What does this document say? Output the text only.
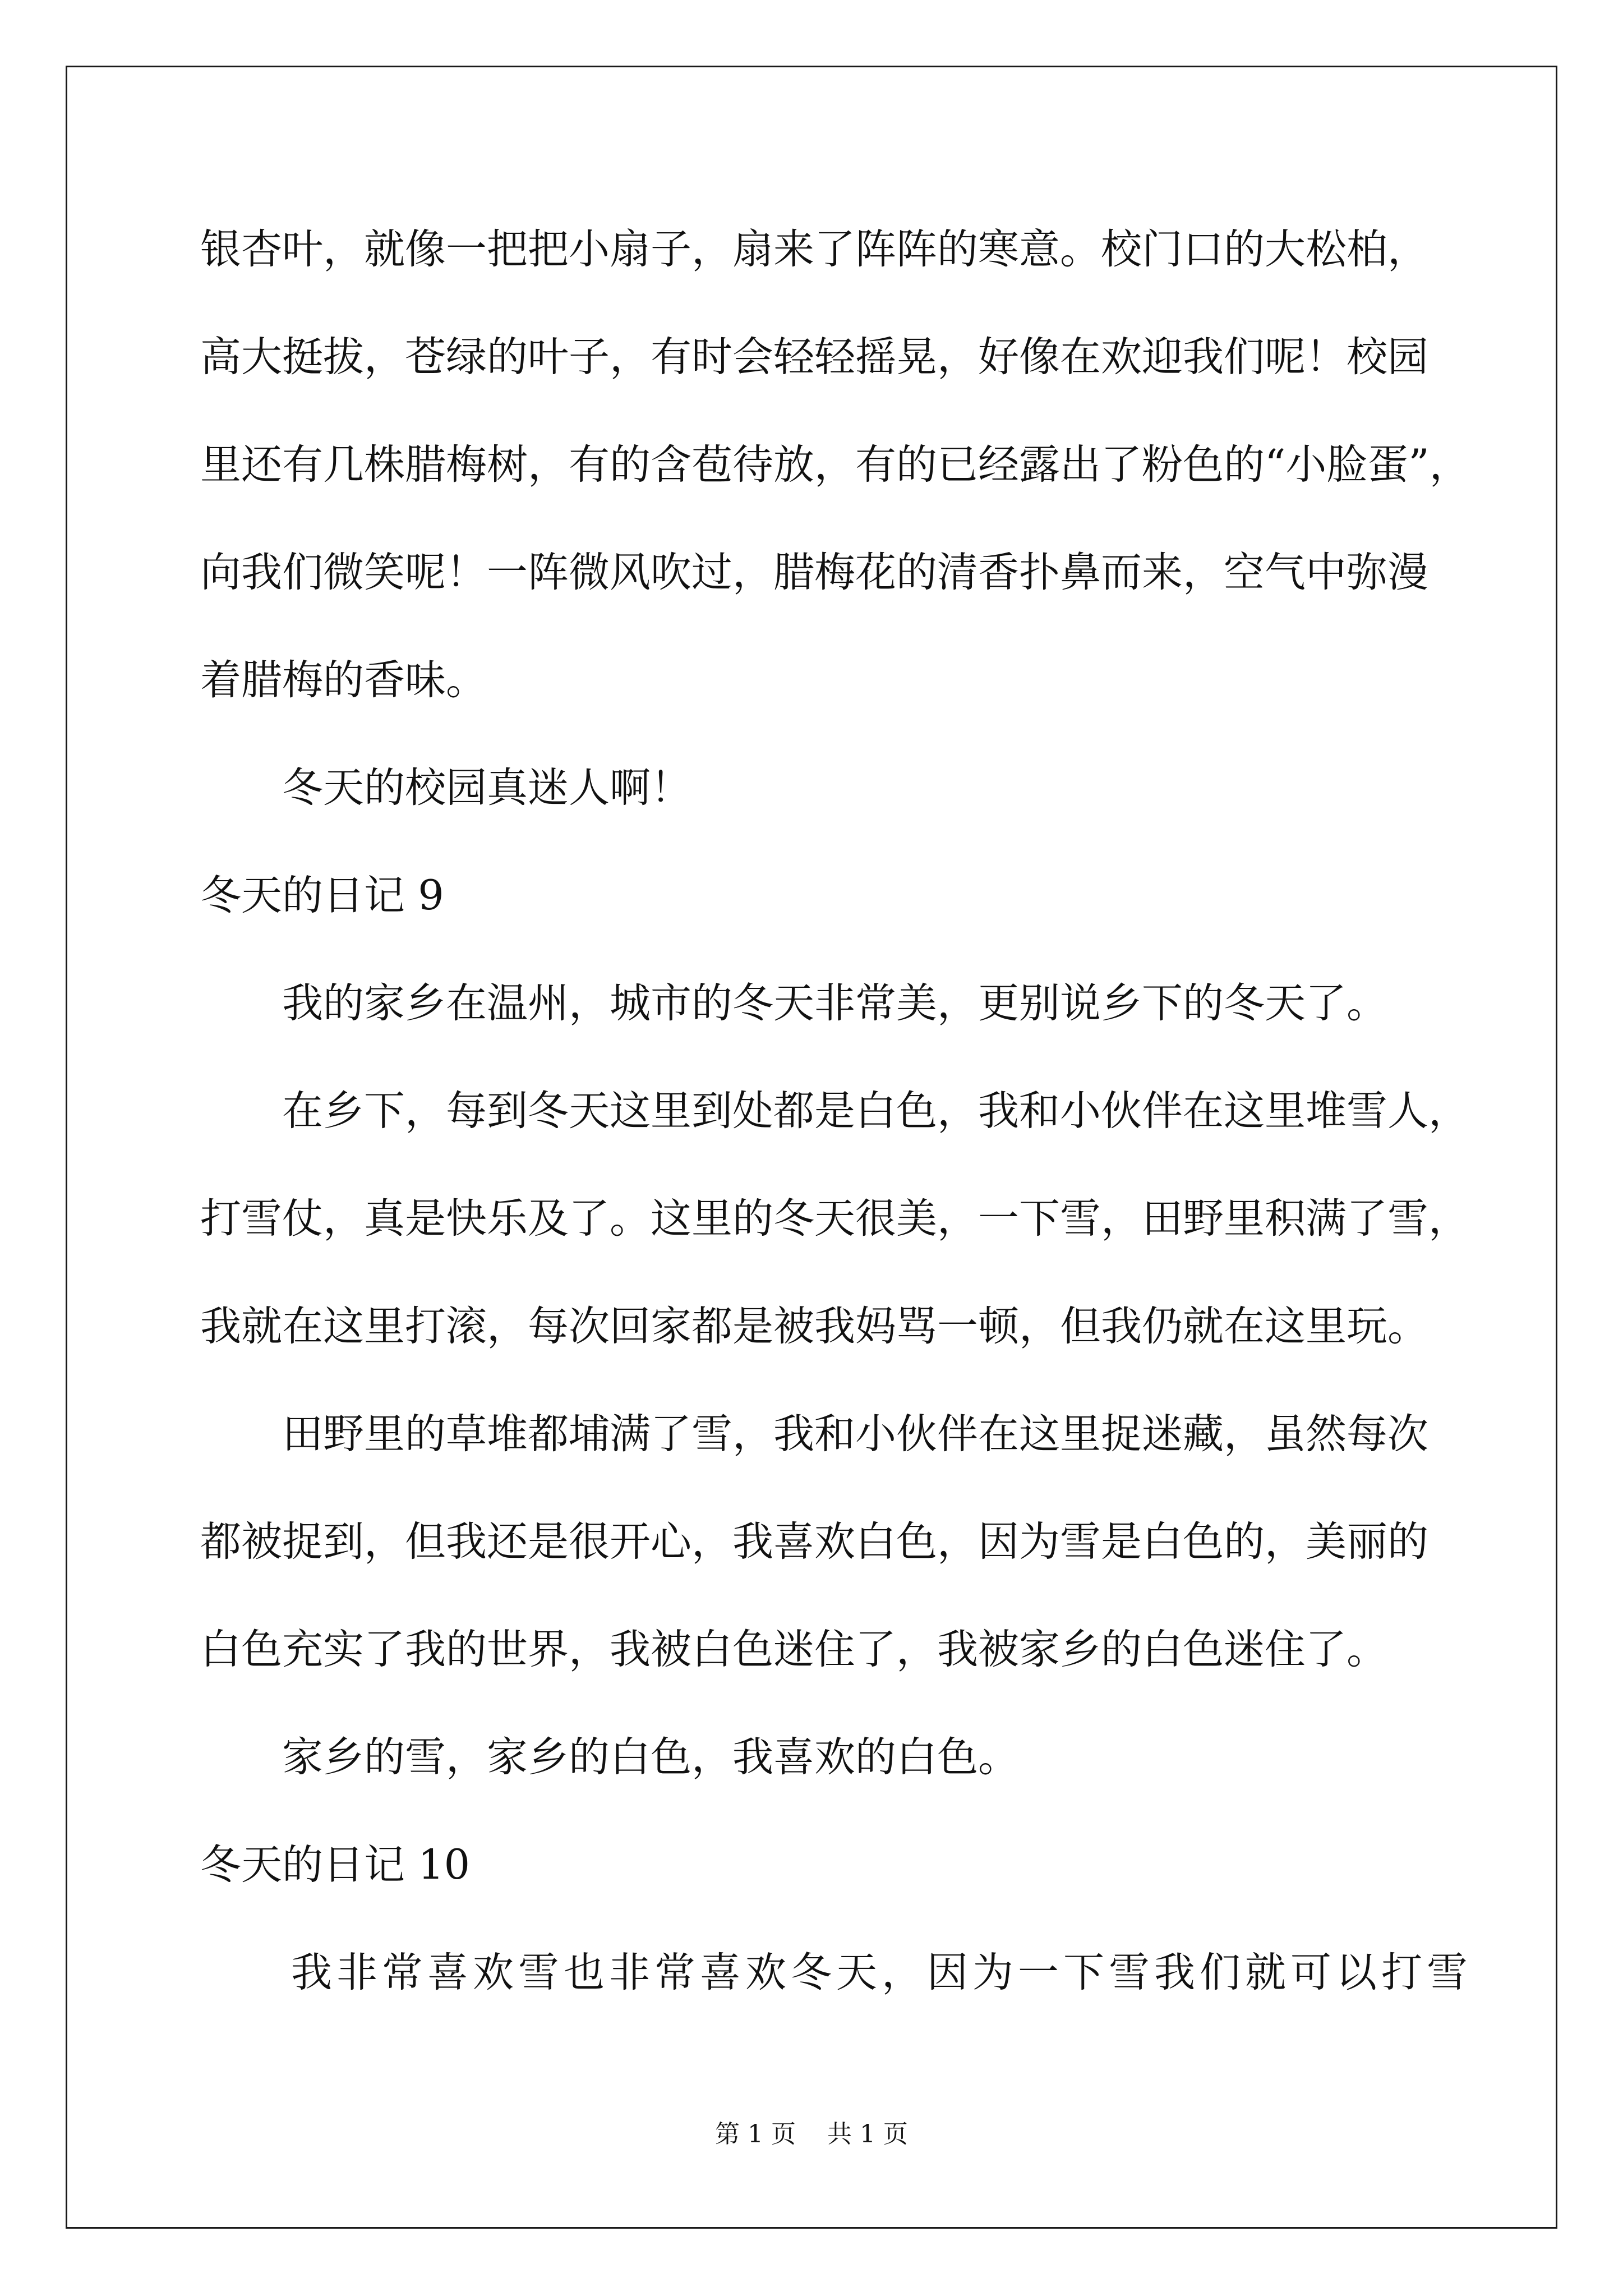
银杏叶，就像一把把小扇子，扇来了阵阵的寒意。校门口的大松柏，
高大挺拔，苍绿的叶子，有时会轻轻摇晃，好像在欢迎我们呢！校园
里还有几株腊梅树，有的含苞待放，有的已经露出了粉色的“小脸蛋”，
向我们微笑呢！一阵微风吹过，腊梅花的清香扑鼻而来，空气中弥漫
着腊梅的香味。
冬天的校园真迷人啊！
冬天的日记 9
我的家乡在温州，城市的冬天非常美，更别说乡下的冬天了。
在乡下，每到冬天这里到处都是白色，我和小伙伴在这里堆雪人，
打雪仗，真是快乐及了。这里的冬天很美，一下雪，田野里积满了雪，
我就在这里打滚，每次回家都是被我妈骂一顿，但我仍就在这里玩。
田野里的草堆都埔满了雪，我和小伙伴在这里捉迷藏，虽然每次
都被捉到，但我还是很开心，我喜欢白色，因为雪是白色的，美丽的
白色充实了我的世界，我被白色迷住了，我被家乡的白色迷住了。
家乡的雪，家乡的白色，我喜欢的白色。
冬天的日记 10
我非常喜欢雪也非常喜欢冬天，因为一下雪我们就可以打雪
第 1 页    共 1 页
